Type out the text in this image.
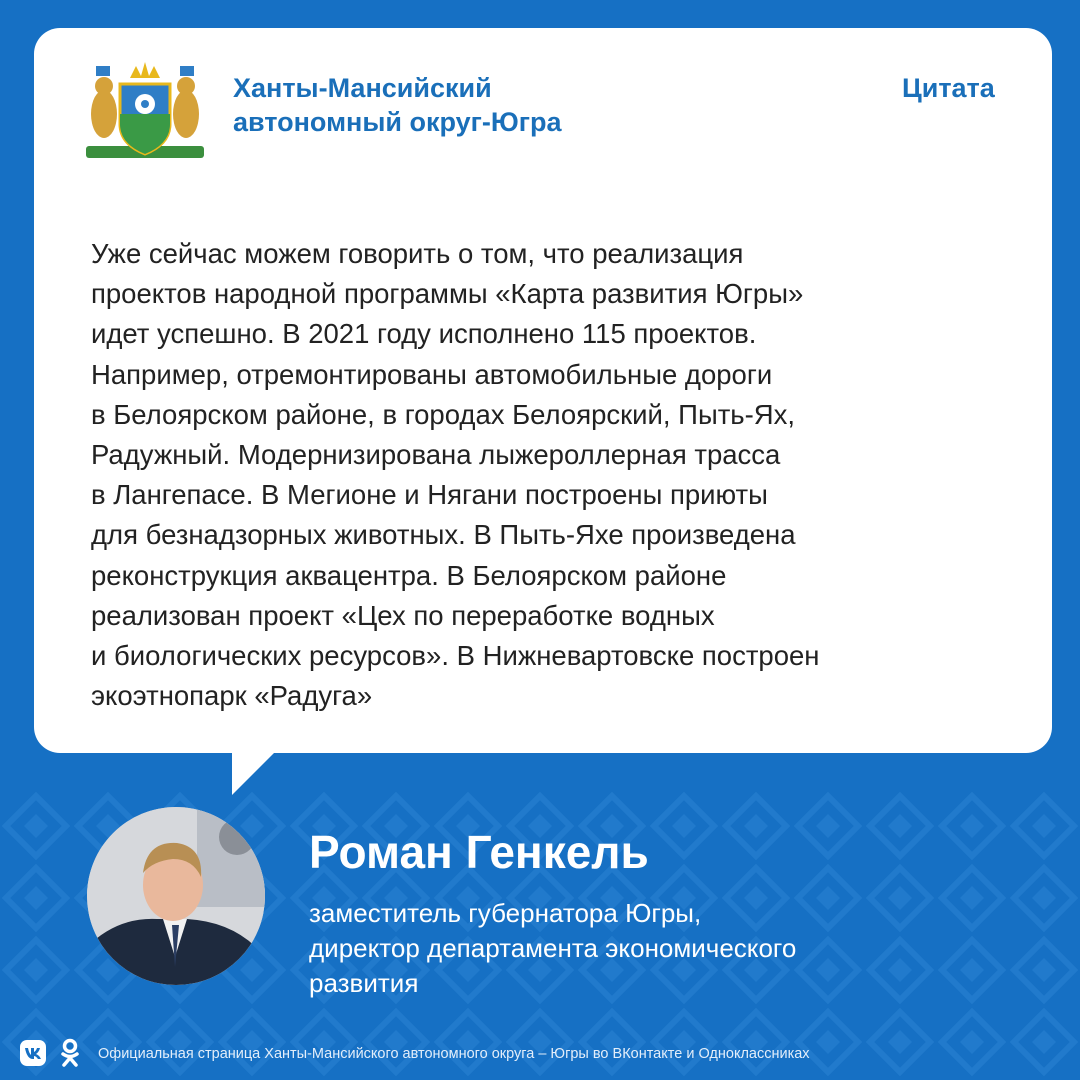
Ханты-Мансийский
автономный округ-Югра
Цитата
Уже сейчас можем говорить о том, что реализация
проектов народной программы «Карта развития Югры»
идет успешно. В 2021 году исполнено 115 проектов.
Например, отремонтированы автомобильные дороги
в Белоярском районе, в городах Белоярский, Пыть-Ях,
Радужный. Модернизирована лыжероллерная трасса
в Лангепасе. В Мегионе и Нягани построены приюты
для безнадзорных животных. В Пыть-Яхе произведена
реконструкция аквацентра. В Белоярском районе
реализован проект «Цех по переработке водных
и биологических ресурсов». В Нижневартовске построен
экоэтнопарк «Радуга»
Роман Генкель
заместитель губернатора Югры,
директор департамента экономического
развития
Официальная страница Ханты-Мансийского автономного округа – Югры во ВКонтакте и Одноклассниках
